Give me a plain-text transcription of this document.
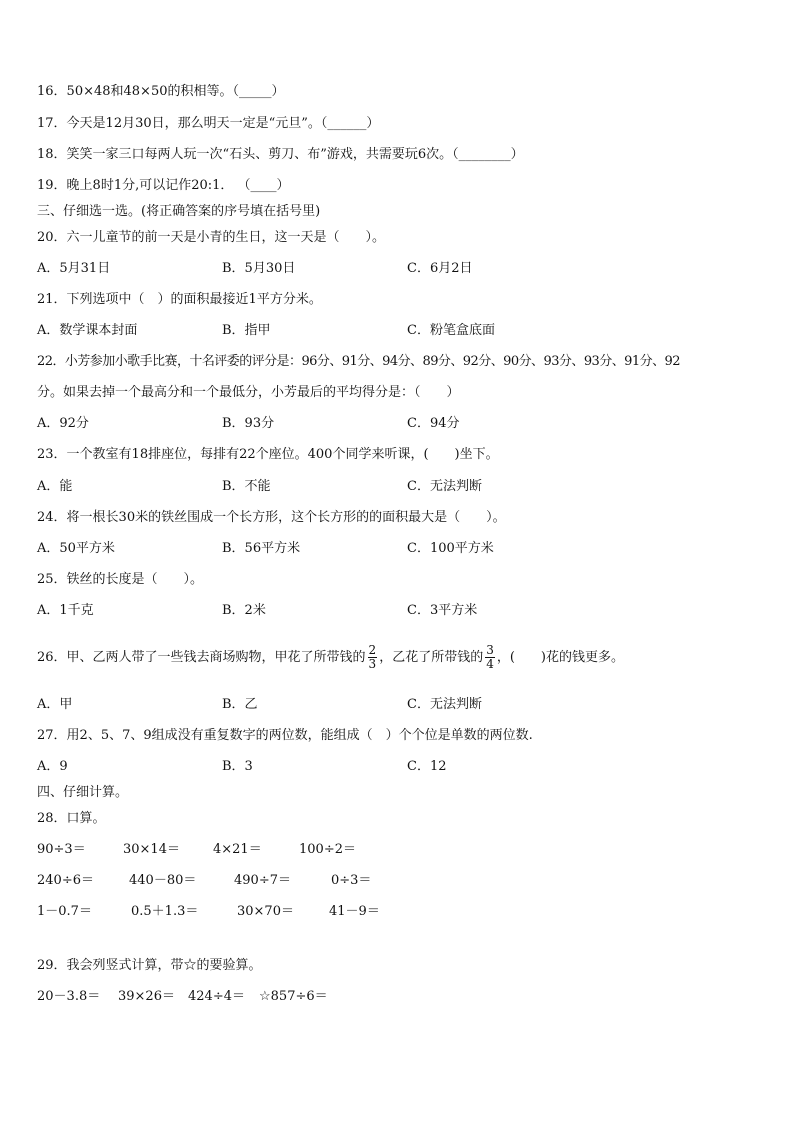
16．50×48和48×50的积相等。（_____）
17．今天是12月30日，那么明天一定是“元旦”。（______）
18．笑笑一家三口每两人玩一次“石头、剪刀、布”游戏，共需要玩6次。（________）
19．晚上8时1分,可以记作20:1． （____）
三、仔细选一选。(将正确答案的序号填在括号里)
20．六一儿童节的前一天是小青的生日，这一天是（　　）。
A．5月31日	B．5月30日	C．6月2日
21．下列选项中（　）的面积最接近1平方分米。
A．数学课本封面	B．指甲	C．粉笔盒底面
22．小芳参加小歌手比赛，十名评委的评分是：96分、91分、94分、89分、92分、90分、93分、93分、91分、92
分。如果去掉一个最高分和一个最低分，小芳最后的平均得分是：（　　）
A．92分	B．93分	C．94分
23．一个教室有18排座位，每排有22个座位。400个同学来听课，(　　)坐下。
A．能	B．不能	C．无法判断
24．将一根长30米的铁丝围成一个长方形，这个长方形的的面积最大是（　　）。
A．50平方米	B．56平方米	C．100平方米
25．铁丝的长度是（　　）。
A．1千克	B．2米	C．3平方米
26．甲、乙两人带了一些钱去商场购物，甲花了所带钱的 $\frac{2}{3}$ ，乙花了所带钱的 $\frac{3}{4}$ ，(　　)花的钱更多。
A．甲	B．乙	C．无法判断
27．用2、5、7、9组成没有重复数字的两位数，能组成（　）个个位是单数的两位数.
A．9	B．3	C．12
四、仔细计算。
28．口算。
90÷3＝	30×14＝	4×21＝	100÷2＝
240÷6＝	440－80＝	490÷7＝	0÷3＝
1－0.7＝	0.5＋1.3＝	30×70＝	41－9＝
29．我会列竖式计算，带☆的要验算。
20－3.8＝ 39×26＝ 424÷4＝ ☆857÷6＝
